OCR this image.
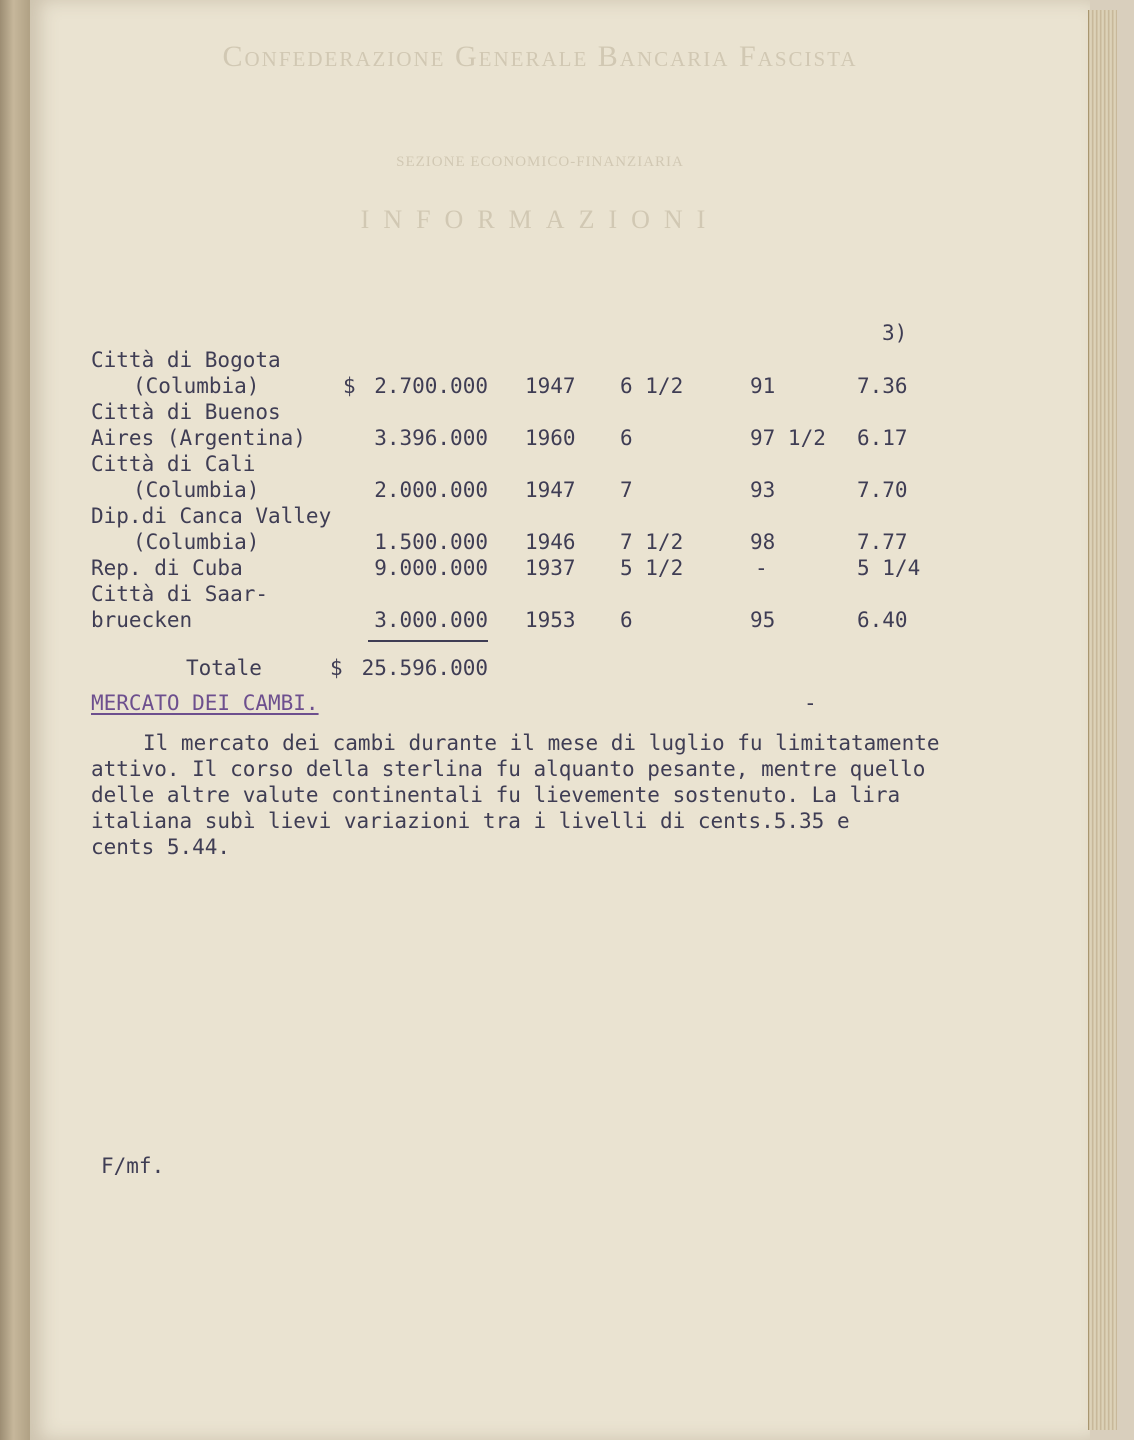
Confederazione Generale Bancaria Fascista
SEZIONE ECONOMICO-FINANZIARIA
INFORMAZIONI
3)
Città di Bogota
(Columbia)	$ 2.700.000 1947 6 1/2	91	7.36
Città di Buenos
Aires (Argentina)	3.396.000 1960 6	97 1/2 6.17
Città di Cali
(Columbia)	2.000.000 1947 7	93	7.70
Dip.di Canca Valley
(Columbia)	1.500.000 1946 7 1/2	98	7.77
Rep. di Cuba	9.000.000 1937 5 1/2	-	5 1/4
Città di Saar-
bruecken	3.000.000 1953 6	95	6.40
Totale	$ 25.596.000
MERCATO DEI CAMBI.	-
Il mercato dei cambi durante il mese di luglio fu limitatamente
attivo. Il corso della sterlina fu alquanto pesante, mentre quello
delle altre valute continentali fu lievemente sostenuto. La lira
italiana subì lievi variazioni tra i livelli di cents.5.35 e
cents 5.44.
F/mf.
